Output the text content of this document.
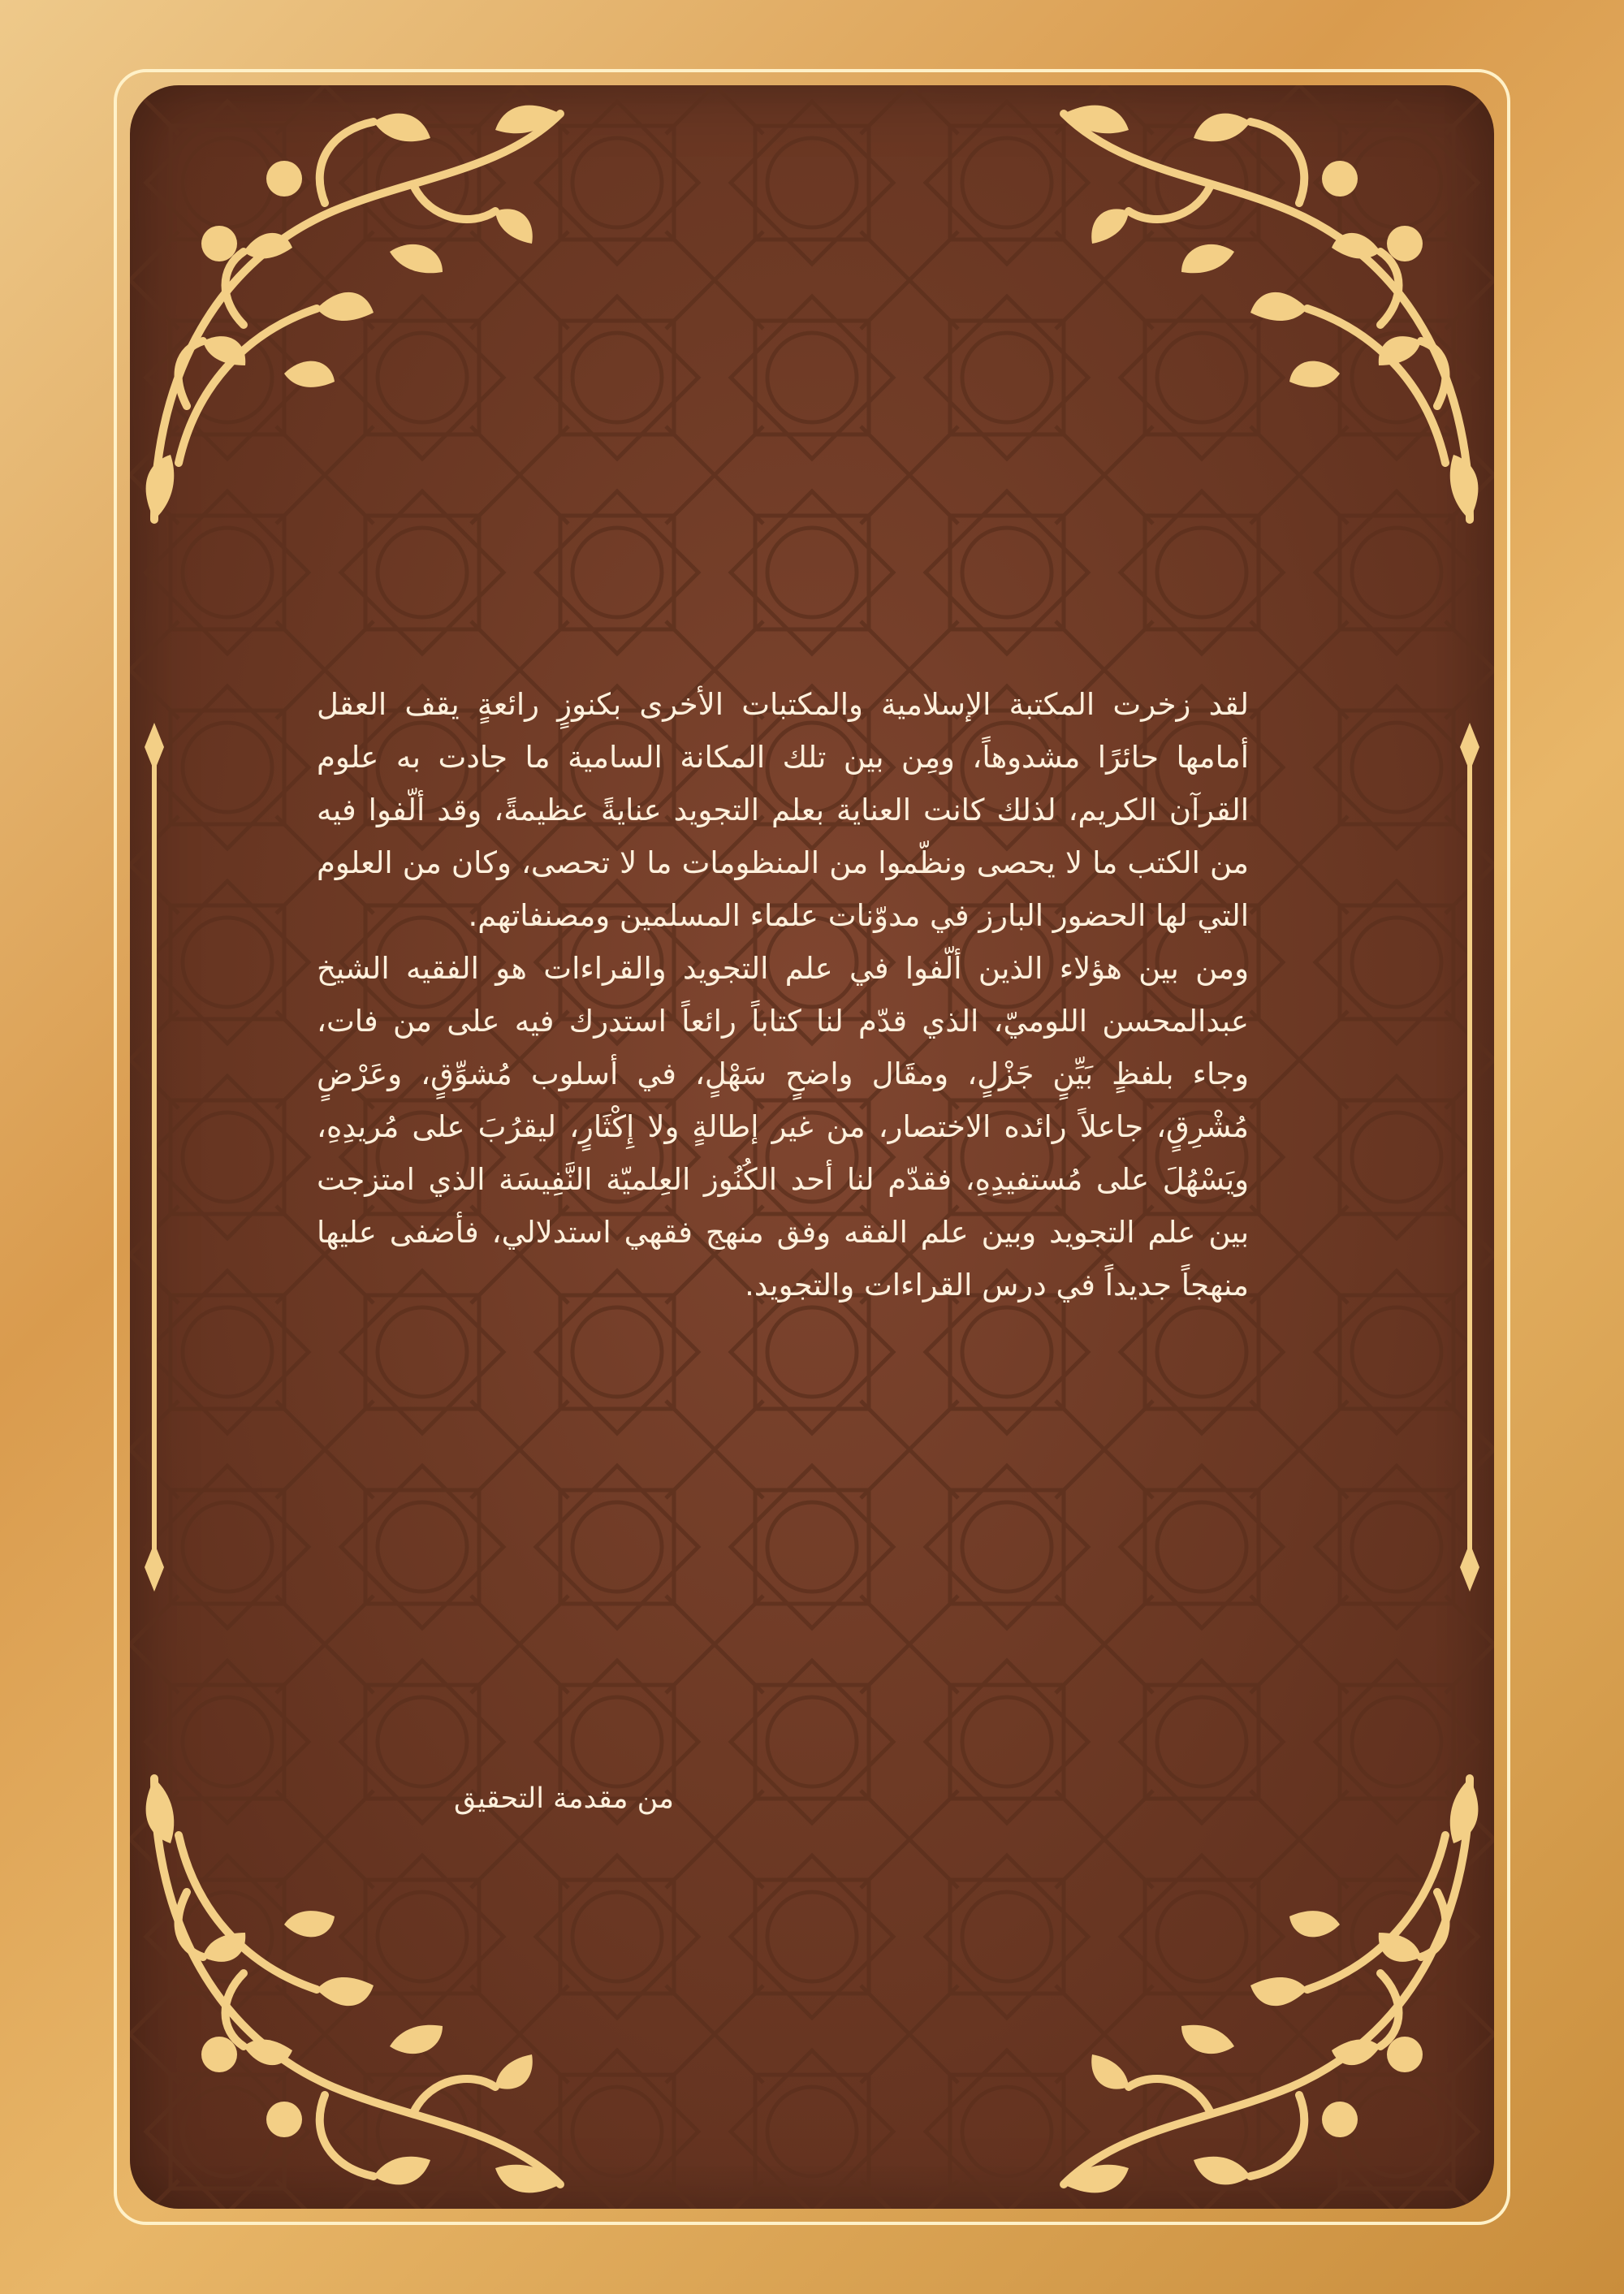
لقد زخرت المكتبة الإسلامية والمكتبات الأخرى بكنوزٍ رائعةٍ يقف العقل أمامها حائرًا مشدوهاً، ومِن بين تلك المكانة السامية ما جادت به علوم القرآن الكريم، لذلك كانت العناية بعلم التجويد عنايةً عظيمةً، وقد ألّفوا فيه من الكتب ما لا يحصى ونظّموا من المنظومات ما لا تحصى، وكان من العلوم التي لها الحضور البارز في مدوّنات علماء المسلمين ومصنفاتهم.

ومن بين هؤلاء الذين ألّفوا في علم التجويد والقراءات هو الفقيه الشيخ عبدالمحسن اللوميّ، الذي قدّم لنا كتاباً رائعاً استدرك فيه على من فات، وجاء بلفظٍ بَيِّنٍ جَزْلٍ، ومقَال واضحٍ سَهْلٍ، في أسلوب مُشوِّقٍ، وعَرْضٍ مُشْرِقٍ، جاعلاً رائده الاختصار، من غير إطالةٍ ولا إِكْثَارٍ، ليقرُبَ على مُريدِهِ، ويَسْهُلَ على مُستفيدِهِ، فقدّم لنا أحد الكُنُوز العِلميّة النَّفِيسَة الذي امتزجت بين علم التجويد وبين علم الفقه وفق منهج فقهي استدلالي، فأضفى عليها منهجاً جديداً في درس القراءات والتجويد.

من مقدمة التحقيق
